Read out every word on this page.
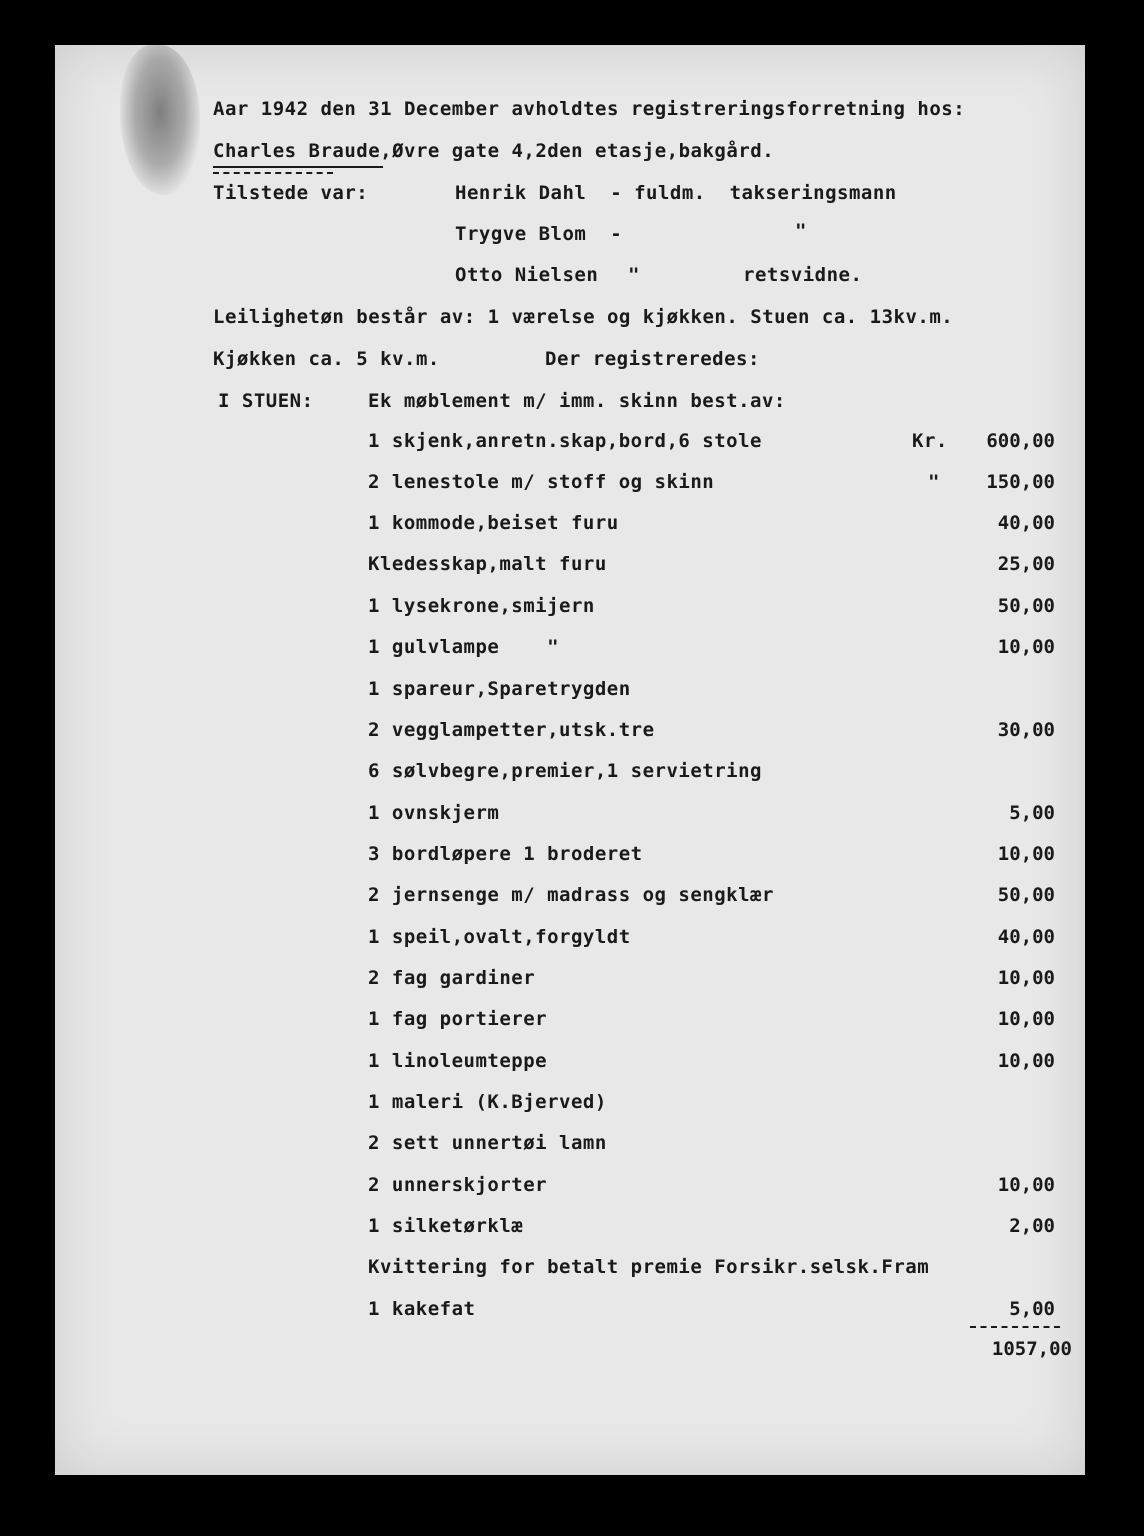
Aar 1942 den 31 December avholdtes registreringsforretning hos:
Charles Braude,Øvre gate 4,2den etasje,bakgård.
Tilstede var:	Henrik Dahl  - fuldm.  takseringsmann
Trygve Blom  -	"
Otto Nielsen "	retsvidne.
Leilighetøn består av: 1 værelse og kjøkken. Stuen ca. 13kv.m.
Kjøkken ca. 5 kv.m.	Der registreredes:
I STUEN:	Ek møblement m/ imm. skinn best.av:
1 skjenk,anretn.skap,bord,6 stole	Kr.	600,00
2 lenestole m/ stoff og skinn	"	150,00
1 kommode,beiset furu	40,00
Kledesskap,malt furu	25,00
1 lysekrone,smijern	50,00
1 gulvlampe    "	10,00
1 spareur,Sparetrygden
2 vegglampetter,utsk.tre	30,00
6 sølvbegre,premier,1 servietring
1 ovnskjerm	5,00
3 bordløpere 1 broderet	10,00
2 jernsenge m/ madrass og sengklær	50,00
1 speil,ovalt,forgyldt	40,00
2 fag gardiner	10,00
1 fag portierer	10,00
1 linoleumteppe	10,00
1 maleri (K.Bjerved)
2 sett unnertøi lamn
2 unnerskjorter	10,00
1 silketørklæ	2,00
Kvittering for betalt premie Forsikr.selsk.Fram
1 kakefat	5,00
1057,00
